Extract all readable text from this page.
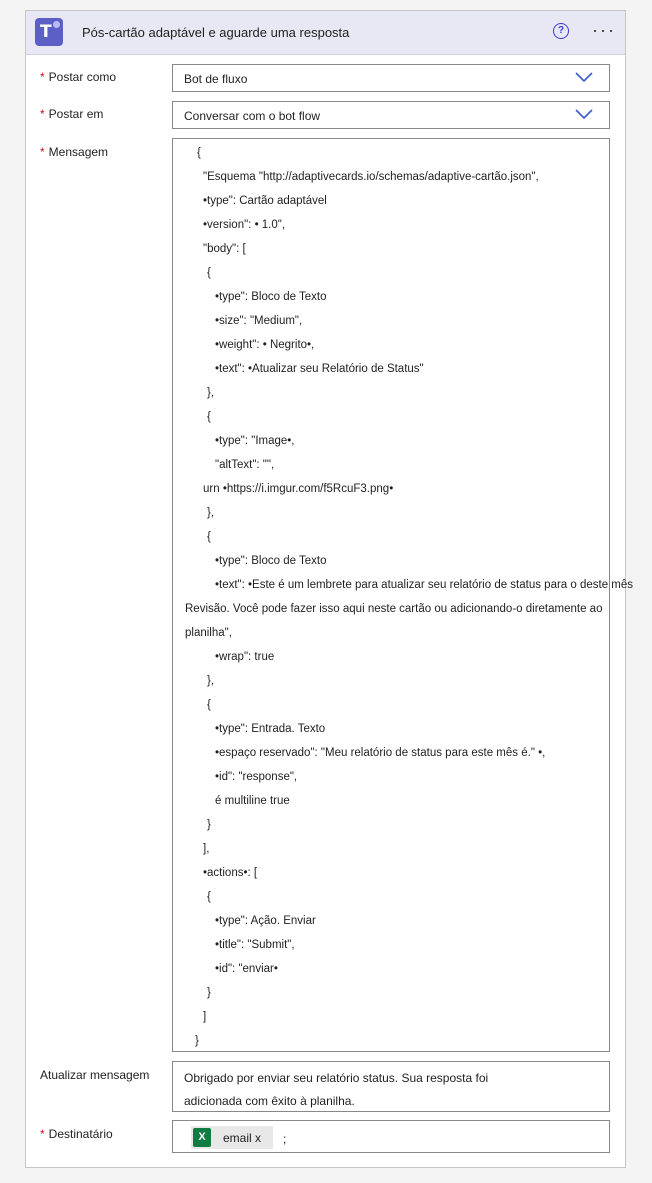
T Pós-cartão adaptável e aguarde uma resposta	? ···
* Postar como	Bot de fluxo
* Postar em	Conversar com o bot flow
* Mensagem	{
"Esquema "http://adaptivecards.io/schemas/adaptive-cartão.json",
•type": Cartão adaptável
•version": • 1.0",
"body": [
{
•type": Bloco de Texto
•size": "Medium",
•weight": • Negrito•,
•text": •Atualizar seu Relatório de Status"
},
{
•type": "Image•,
"altText": "",
urn •https://i.imgur.com/f5RcuF3.png•
},
{
•type": Bloco de Texto
•text": •Este é um lembrete para atualizar seu relatório de status para o deste mês
Revisão. Você pode fazer isso aqui neste cartão ou adicionando-o diretamente ao
planilha",
•wrap": true
},
{
•type": Entrada. Texto
•espaço reservado": "Meu relatório de status para este mês é." •,
•id": "response",
é multiline true
}
],
•actions•: [
{
•type": Ação. Enviar
•title": "Submit",
•id": "enviar•
}
]
}
Atualizar mensagem	Obrigado por enviar seu relatório status. Sua resposta foi
adicionada com êxito à planilha.
* Destinatário	X	email x ;
